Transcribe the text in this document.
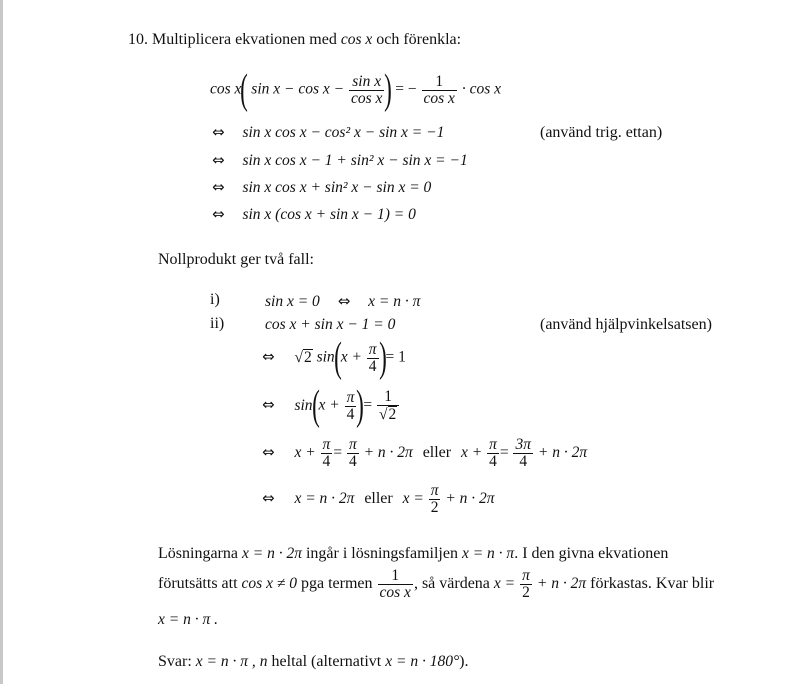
10. Multiplicera ekvationen med cos x och förenkla:
cos x( $\sin x - \cos x - \frac{\text{sin x}}{\text{cos x}}$ ) = − $\frac{1}{\text{cos x}} \cdot \cos x$
⇔ sin x cos x − cos² x − sin x = −1	(använd trig. ettan)
⇔ sin x cos x − 1 + sin² x − sin x = −1
⇔ sin x cos x + sin² x − sin x = 0
⇔ sin x (cos x + sin x − 1) = 0
Nollprodukt ger två fall:
i)	sin x = 0 ⇔ x = n · π
ii)	cos x + sin x − 1 = 0	(använd hjälpvinkelsatsen)
⇔ √2 $\sin(x + \frac{\pi}{4}$ )= 1
⇔ $\sin(x + \frac{\pi}{4}$ )= $\frac{1}{√2}$
⇔ $x + \frac{\pi}{4} = \frac{\pi}{4} + n \cdot 2\pi$ eller $x + \frac{\pi}{4} = \frac{3\pi}{4} + n \cdot 2\pi$
⇔ x = n · 2π eller $x = \frac{\pi}{2} + n \cdot 2\pi$
Lösningarna x = n · 2π ingår i lösningsfamiljen x = n · π. I den givna ekvationen
förutsätts att cos x ≠ 0 pga termen $\frac{1}{\text{cos x}}$ , så värdena $x = \frac{\pi}{2} + n \cdot 2\pi$ förkastas. Kvar blir
x = n · π .
Svar: x = n · π , n heltal (alternativt x = n · 180°).
